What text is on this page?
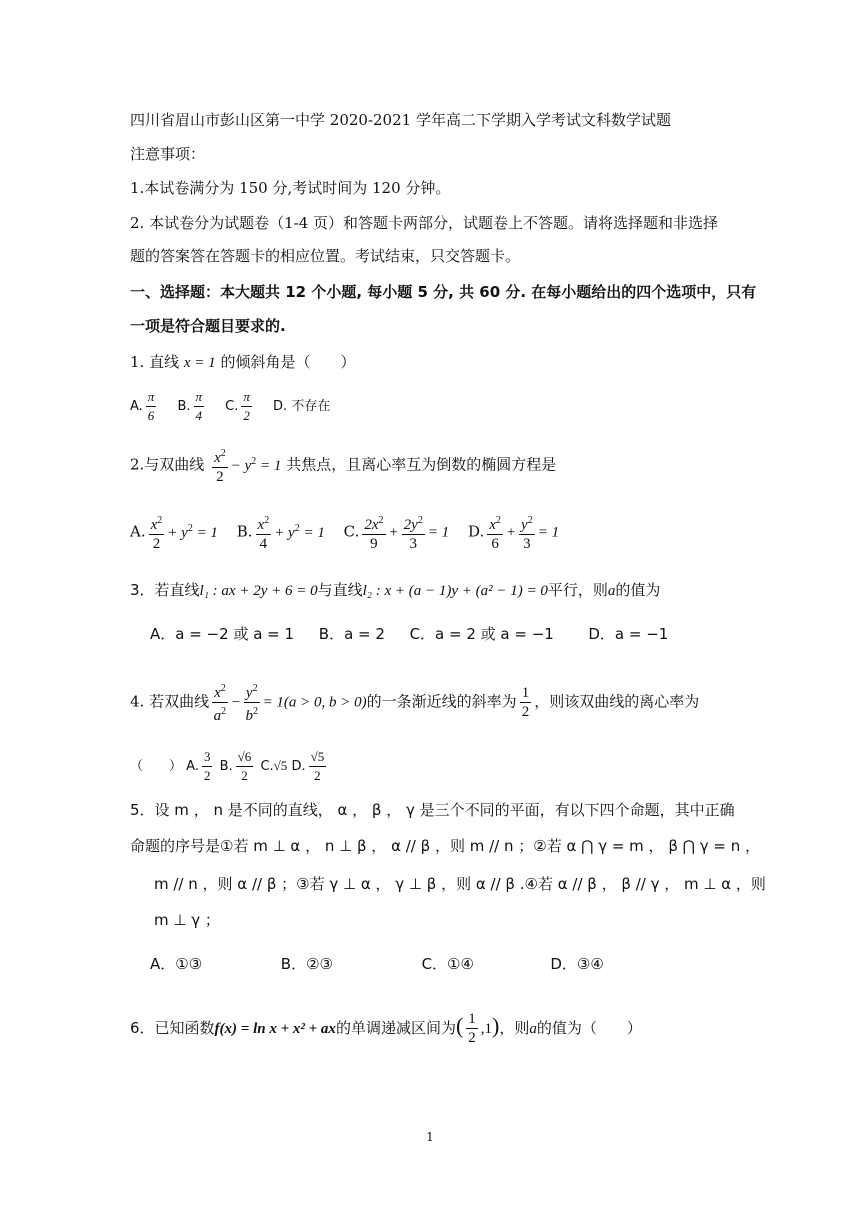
四川省眉山市彭山区第一中学 2020-2021 学年高二下学期入学考试文科数学试题
注意事项：
1.本试卷满分为 150 分,考试时间为 120 分钟。
2. 本试卷分为试题卷（1-4 页）和答题卡两部分，试题卷上不答题。请将选择题和非选择
题的答案答在答题卡的相应位置。考试结束，只交答题卡。
一、选择题：本大题共 12 个小题, 每小题 5 分, 共 60 分. 在每小题给出的四个选项中，只有
一项是符合题目要求的.
1. 直线 x = 1 的倾斜角是（　　）
A. $\frac{\pi}{6} B$. $\frac{\pi}{4} C$. $\frac{\pi}{2} D$. 不存在
2.与双曲线 $\frac{x^2}{2} - y^2 = 1$ 共焦点，且离心率互为倒数的椭圆方程是
A. $\frac{x^2}{2} + y^2 = 1$ B. $\frac{x^2}{4} + y^2 = 1$ C. $\frac{2x^2}{9} + \frac{2y^2}{3} = 1$ D. $\frac{x^2}{6} + \frac{y^2}{3} = 1$
3．若直线l₁ : ax + 2y + 6 = 0与直线l₂ : x + (a − 1)y + (a² − 1) = 0平行，则a的值为
A．a = −2 或 a = 1 B．a = 2 C．a = 2 或 a = −1 D．a = −1
4. 若双曲线 $\frac{x^2}{a^2} - \frac{y^2}{b^2} = 1(a > 0$, b > 0)的一条渐近线的斜率为 $\frac{1}{2}$ ，则该双曲线的离心率为
（　　） A. $\frac{3}{2} B$. $\frac{√6}{2} C.√5$ D. $\frac{√5}{2}$
5．设 m ， n 是不同的直线， α ， β ， γ 是三个不同的平面，有以下四个命题，其中正确
命题的序号是①若 m ⊥ α ， n ⊥ β ， α // β ，则 m // n ；②若 α ⋂ γ = m ， β ⋂ γ = n ，
m // n ，则 α // β ；③若 γ ⊥ α ， γ ⊥ β ，则 α // β .④若 α // β ， β // γ ， m ⊥ α ，则
m ⊥ γ ；
A．①③	B．②③	C．①④	D．③④
6．已知函数f(x) = ln x + x² + ax的单调递减区间为( $\frac{1}{2} ,1$)，则a的值为（　　）
1
